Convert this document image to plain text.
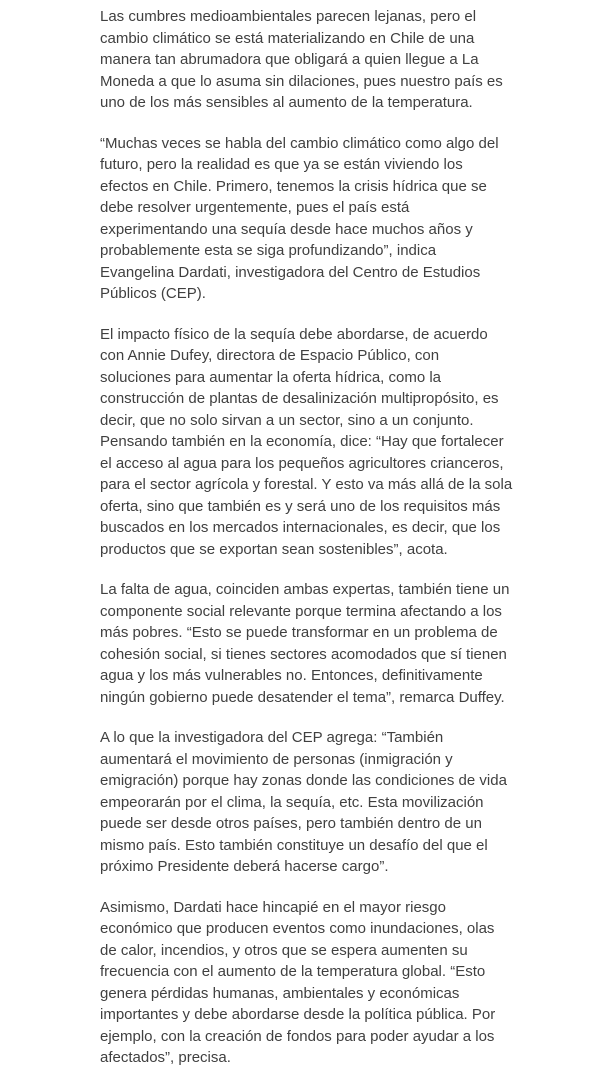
Las cumbres medioambientales parecen lejanas, pero el cambio climático se está materializando en Chile de una manera tan abrumadora que obligará a quien llegue a La Moneda a que lo asuma sin dilaciones, pues nuestro país es uno de los más sensibles al aumento de la temperatura.

“Muchas veces se habla del cambio climático como algo del futuro, pero la realidad es que ya se están viviendo los efectos en Chile. Primero, tenemos la crisis hídrica que se debe resolver urgentemente, pues el país está experimentando una sequía desde hace muchos años y probablemente esta se siga profundizando”, indica Evangelina Dardati, investigadora del Centro de Estudios Públicos (CEP).

El impacto físico de la sequía debe abordarse, de acuerdo con Annie Dufey, directora de Espacio Público, con soluciones para aumentar la oferta hídrica, como la construcción de plantas de desalinización multipropósito, es decir, que no solo sirvan a un sector, sino a un conjunto. Pensando también en la economía, dice: “Hay que fortalecer el acceso al agua para los pequeños agricultores crianceros, para el sector agrícola y forestal. Y esto va más allá de la sola oferta, sino que también es y será uno de los requisitos más buscados en los mercados internacionales, es decir, que los productos que se exportan sean sostenibles”, acota.

La falta de agua, coinciden ambas expertas, también tiene un componente social relevante porque termina afectando a los más pobres. “Esto se puede transformar en un problema de cohesión social, si tienes sectores acomodados que sí tienen agua y los más vulnerables no. Entonces, definitivamente ningún gobierno puede desatender el tema”, remarca Duffey.

A lo que la investigadora del CEP agrega: “También aumentará el movimiento de personas (inmigración y emigración) porque hay zonas donde las condiciones de vida empeorarán por el clima, la sequía, etc. Esta movilización puede ser desde otros países, pero también dentro de un mismo país. Esto también constituye un desafío del que el próximo Presidente deberá hacerse cargo”.

Asimismo, Dardati hace hincapié en el mayor riesgo económico que producen eventos como inundaciones, olas de calor, incendios, y otros que se espera aumenten su frecuencia con el aumento de la temperatura global. “Esto genera pérdidas humanas, ambientales y económicas importantes y debe abordarse desde la política pública. Por ejemplo, con la creación de fondos para poder ayudar a los afectados”, precisa.
